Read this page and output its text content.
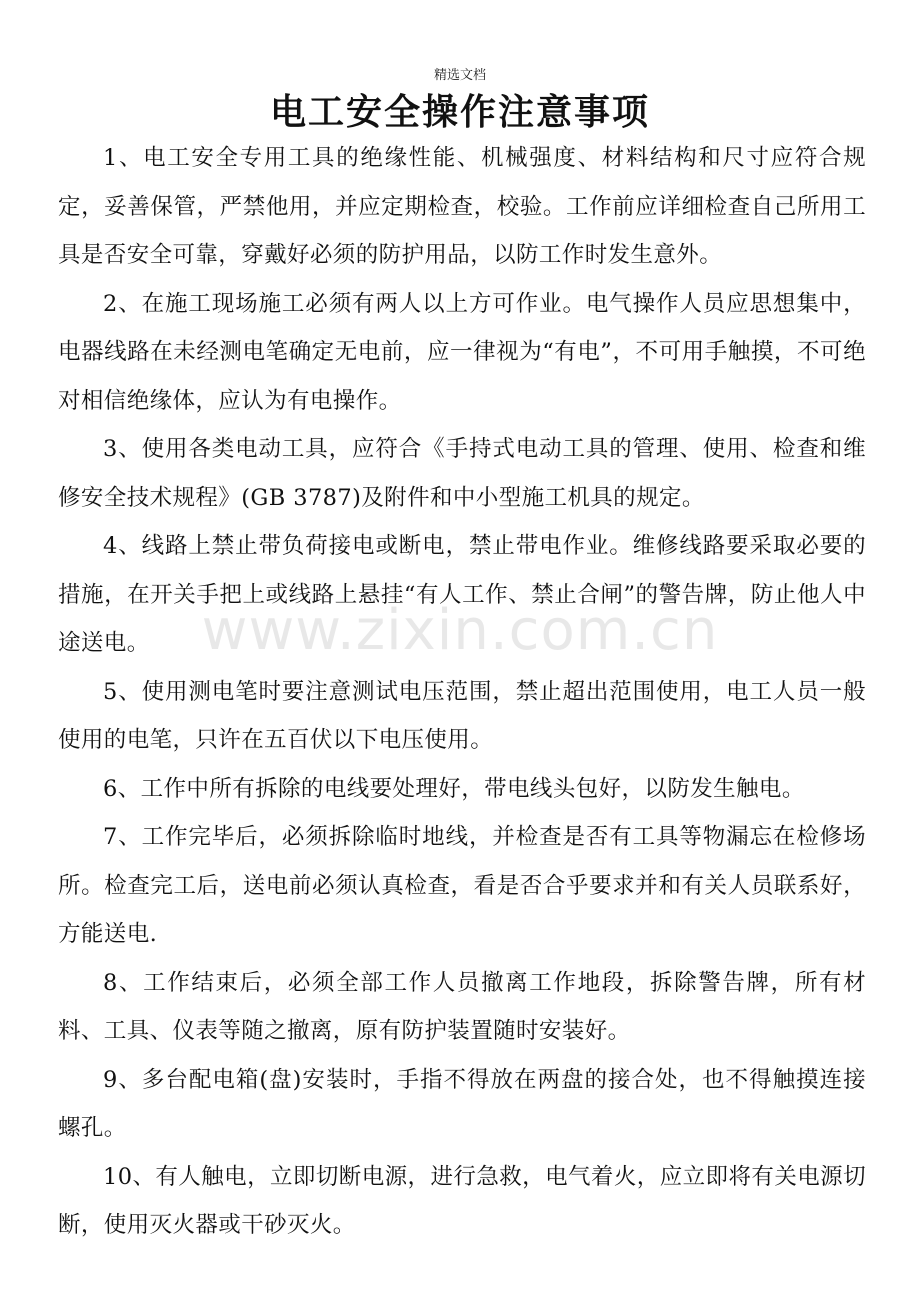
精选文档
电工安全操作注意事项

1、电工安全专用工具的绝缘性能、机械强度、材料结构和尺寸应符合规定，妥善保管，严禁他用，并应定期检查，校验。工作前应详细检查自己所用工具是否安全可靠，穿戴好必须的防护用品，以防工作时发生意外。

2、在施工现场施工必须有两人以上方可作业。电气操作人员应思想集中，电器线路在未经测电笔确定无电前，应一律视为“有电”，不可用手触摸，不可绝对相信绝缘体，应认为有电操作。

3、使用各类电动工具，应符合《手持式电动工具的管理、使用、检查和维修安全技术规程》(GB 3787)及附件和中小型施工机具的规定。

4、线路上禁止带负荷接电或断电，禁止带电作业。维修线路要采取必要的措施，在开关手把上或线路上悬挂“有人工作、禁止合闸”的警告牌，防止他人中途送电。

5、使用测电笔时要注意测试电压范围，禁止超出范围使用，电工人员一般使用的电笔，只许在五百伏以下电压使用。

6、工作中所有拆除的电线要处理好，带电线头包好，以防发生触电。

7、工作完毕后，必须拆除临时地线，并检查是否有工具等物漏忘在检修场所。检查完工后，送电前必须认真检查，看是否合乎要求并和有关人员联系好，方能送电.

8、工作结束后，必须全部工作人员撤离工作地段，拆除警告牌，所有材料、工具、仪表等随之撤离，原有防护装置随时安装好。

9、多台配电箱(盘)安装时，手指不得放在两盘的接合处，也不得触摸连接螺孔。

10、有人触电，立即切断电源，进行急救，电气着火，应立即将有关电源切断，使用灭火器或干砂灭火。

www.zixin.com.cn
